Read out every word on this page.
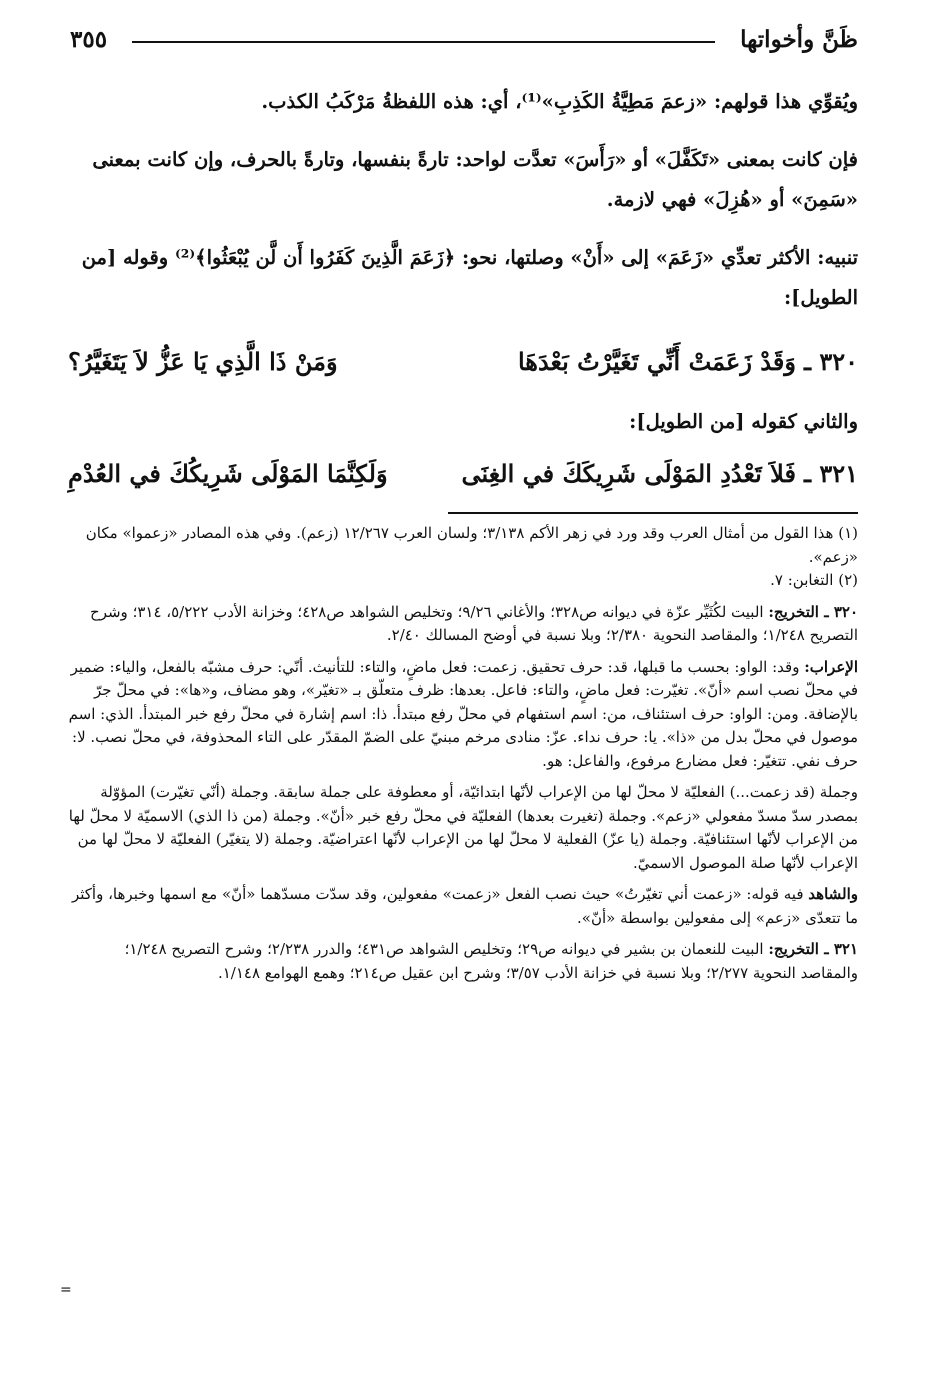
ظَنَّ وأخواتها
٣٥٥
ويُقوِّي هذا قولهم: «زعمَ مَطِيَّةُ الكَذِبِ»⁽¹⁾، أي: هذه اللفظةُ مَرْكَبُ الكذب.
فإن كانت بمعنى «تَكَفَّلَ» أو «رَأَسَ» تعدَّت لواحد: تارةً بنفسها، وتارةً بالحرف، وإن كانت بمعنى «سَمِنَ» أو «هُزِلَ» فهي لازمة.
تنبيه: الأكثر تعدِّي «زَعَمَ» إلى «أَنْ» وصلتها، نحو: ﴿زَعَمَ الَّذِينَ كَفَرُوا أَن لَّن يُبْعَثُوا﴾⁽²⁾ وقوله [من الطويل]:
٣٢٠ ـ
وَقَدْ زَعَمَتْ أَنِّي تَغَيَّرْتُ بَعْدَهَا
وَمَنْ ذَا الَّذِي يَا عَزُّ لاَ يَتَغَيَّرُ؟
والثاني كقوله [من الطويل]:
٣٢١ ـ
فَلاَ تَعْدُدِ المَوْلَى شَرِيكَكَ في الغِنَى
وَلَكِنَّمَا المَوْلَى شَرِيكُكَ في العُدْمِ

(١) هذا القول من أمثال العرب وقد ورد في زهر الأكم ٣/١٣٨؛ ولسان العرب ١٢/٢٦٧ (زعم). وفي هذه المصادر «زعموا» مكان «زعم».

(٢) التغابن: ٧.

٣٢٠ ـ التخريج: البيت لكُثَيِّر عزّة في ديوانه ص٣٢٨؛ والأغاني ٩/٢٦؛ وتخليص الشواهد ص٤٢٨؛ وخزانة الأدب ٥/٢٢٢، ٣١٤؛ وشرح التصريح ١/٢٤٨؛ والمقاصد النحوية ٢/٣٨٠؛ وبلا نسبة في أوضح المسالك ٢/٤٠.

الإعراب: وقد: الواو: بحسب ما قبلها، قد: حرف تحقيق. زعمت: فعل ماضٍ، والتاء: للتأنيث. أنّي: حرف مشبّه بالفعل، والياء: ضمير في محلّ نصب اسم «أنّ». تغيّرت: فعل ماضٍ، والتاء: فاعل. بعدها: ظرف متعلّق بـ «تغيّر»، وهو مضاف، و«ها»: في محلّ جرّ بالإضافة. ومن: الواو: حرف استئناف، من: اسم استفهام في محلّ رفع مبتدأ. ذا: اسم إشارة في محلّ رفع خبر المبتدأ. الذي: اسم موصول في محلّ بدل من «ذا». يا: حرف نداء. عزّ: منادى مرخم مبنيّ على الضمّ المقدّر على التاء المحذوفة، في محلّ نصب. لا: حرف نفي. تتغيّر: فعل مضارع مرفوع، والفاعل: هو.

وجملة (قد زعمت...) الفعليّة لا محلّ لها من الإعراب لأنّها ابتدائيّة، أو معطوفة على جملة سابقة. وجملة (أنّي تغيّرت) المؤوّلة بمصدر سدّ مسدّ مفعولي «زعم». وجملة (تغيرت بعدها) الفعليّة في محلّ رفع خبر «أنّ». وجملة (من ذا الذي) الاسميّة لا محلّ لها من الإعراب لأنّها استئنافيّة. وجملة (يا عزّ) الفعلية لا محلّ لها من الإعراب لأنّها اعتراضيّة. وجملة (لا يتغيّر) الفعليّة لا محلّ لها من الإعراب لأنّها صلة الموصول الاسميّ.

والشاهد فيه قوله: «زعمت أني تغيّرتُ» حيث نصب الفعل «زعمت» مفعولين، وقد سدّت مسدّهما «أنّ» مع اسمها وخبرها، وأكثر ما تتعدّى «زعم» إلى مفعولين بواسطة «أنّ».

٣٢١ ـ التخريج: البيت للنعمان بن بشير في ديوانه ص٢٩؛ وتخليص الشواهد ص٤٣١؛ والدرر ٢/٢٣٨؛ وشرح التصريح ١/٢٤٨؛ والمقاصد النحوية ٢/٢٧٧؛ وبلا نسبة في خزانة الأدب ٣/٥٧؛ وشرح ابن عقيل ص٢١٤؛ وهمع الهوامع ١/١٤٨.

=
